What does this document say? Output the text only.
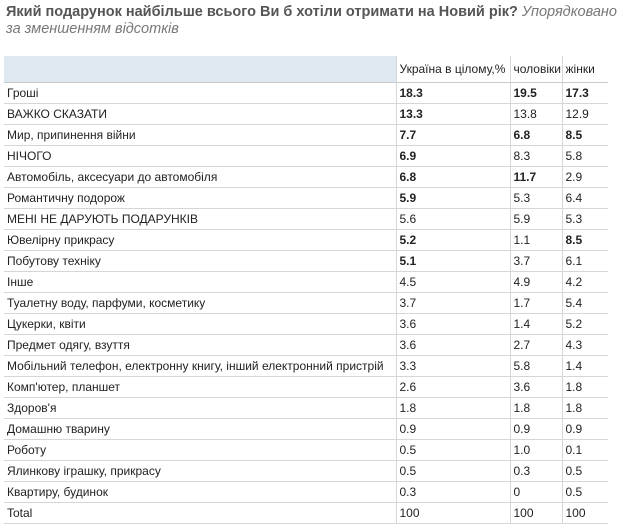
Який подарунок найбільше всього Ви б хотіли отримати на Новий рік? Упорядковано за зменшенням відсотків
	Україна в цілому,%	чоловіки	жінки
Гроші	18.3	19.5	17.3
ВАЖКО СКАЗАТИ	13.3	13.8	12.9
Мир, припинення війни	7.7	6.8	8.5
НІЧОГО	6.9	8.3	5.8
Автомобіль, аксесуари до автомобіля	6.8	11.7	2.9
Романтичну подорож	5.9	5.3	6.4
МЕНІ НЕ ДАРУЮТЬ ПОДАРУНКІВ	5.6	5.9	5.3
Ювелірну прикрасу	5.2	1.1	8.5
Побутову техніку	5.1	3.7	6.1
Інше	4.5	4.9	4.2
Туалетну воду, парфуми, косметику	3.7	1.7	5.4
Цукерки, квіти	3.6	1.4	5.2
Предмет одягу, взуття	3.6	2.7	4.3
Мобільний телефон, електронну книгу, інший електронний пристрій	3.3	5.8	1.4
Комп'ютер, планшет	2.6	3.6	1.8
Здоров'я	1.8	1.8	1.8
Домашню тварину	0.9	0.9	0.9
Роботу	0.5	1.0	0.1
Ялинкову іграшку, прикрасу	0.5	0.3	0.5
Квартиру, будинок	0.3	0	0.5
Total	100	100	100
